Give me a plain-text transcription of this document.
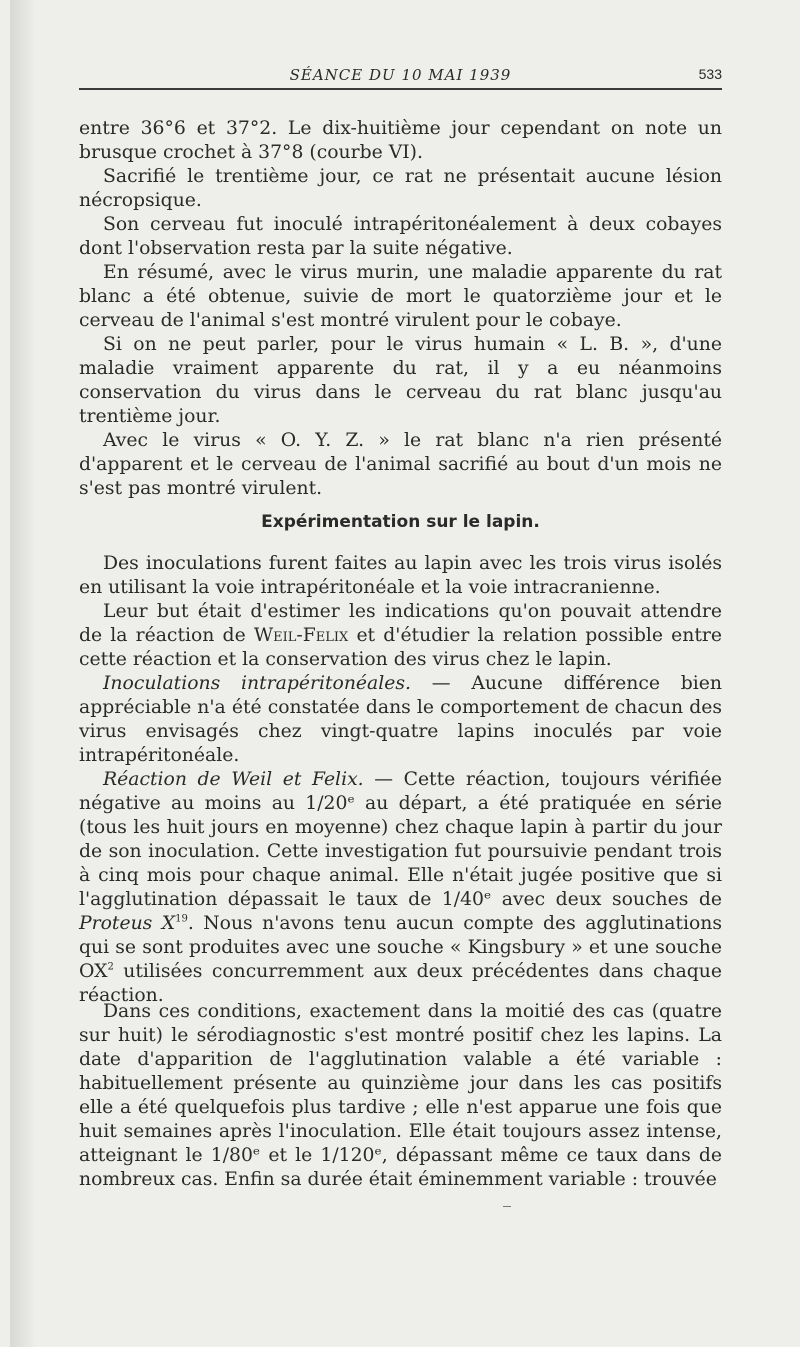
SÉANCE DU 10 MAI 1939	533

entre 36°6 et 37°2. Le dix-huitième jour cependant on note un brusque crochet à 37°8 (courbe VI).

Sacrifié le trentième jour, ce rat ne présentait aucune lésion nécropsique.

Son cerveau fut inoculé intrapéritonéalement à deux cobayes dont l'observation resta par la suite négative.

En résumé, avec le virus murin, une maladie apparente du rat blanc a été obtenue, suivie de mort le quatorzième jour et le cerveau de l'animal s'est montré virulent pour le cobaye.

Si on ne peut parler, pour le virus humain « L. B. », d'une maladie vraiment apparente du rat, il y a eu néanmoins conservation du virus dans le cerveau du rat blanc jusqu'au trentième jour.

Avec le virus « O. Y. Z. » le rat blanc n'a rien présenté d'apparent et le cerveau de l'animal sacrifié au bout d'un mois ne s'est pas montré virulent.

Expérimentation sur le lapin.

Des inoculations furent faites au lapin avec les trois virus isolés en utilisant la voie intrapéritonéale et la voie intracranienne.

Leur but était d'estimer les indications qu'on pouvait attendre de la réaction de Weil-Felix et d'étudier la relation possible entre cette réaction et la conservation des virus chez le lapin.

Inoculations intrapéritonéales. — Aucune différence bien appréciable n'a été constatée dans le comportement de chacun des virus envisagés chez vingt-quatre lapins inoculés par voie intrapéritonéale.

Réaction de Weil et Felix. — Cette réaction, toujours vérifiée négative au moins au 1/20ᵉ au départ, a été pratiquée en série (tous les huit jours en moyenne) chez chaque lapin à partir du jour de son inoculation. Cette investigation fut poursuivie pendant trois à cinq mois pour chaque animal. Elle n'était jugée positive que si l'agglutination dépassait le taux de 1/40ᵉ avec deux souches de Proteus $X^{19}$. Nous n'avons tenu aucun compte des agglutinations qui se sont produites avec une souche « Kingsbury » et une souche $OX^2$ utilisées concurremment aux deux précédentes dans chaque réaction.

Dans ces conditions, exactement dans la moitié des cas (quatre sur huit) le sérodiagnostic s'est montré positif chez les lapins. La date d'apparition de l'agglutination valable a été variable : habituellement présente au quinzième jour dans les cas positifs elle a été quelquefois plus tardive ; elle n'est apparue une fois que huit semaines après l'inoculation. Elle était toujours assez intense, atteignant le 1/80ᵉ et le 1/120ᵉ, dépassant même ce taux dans de nombreux cas. Enfin sa durée était éminemment variable : trouvée
